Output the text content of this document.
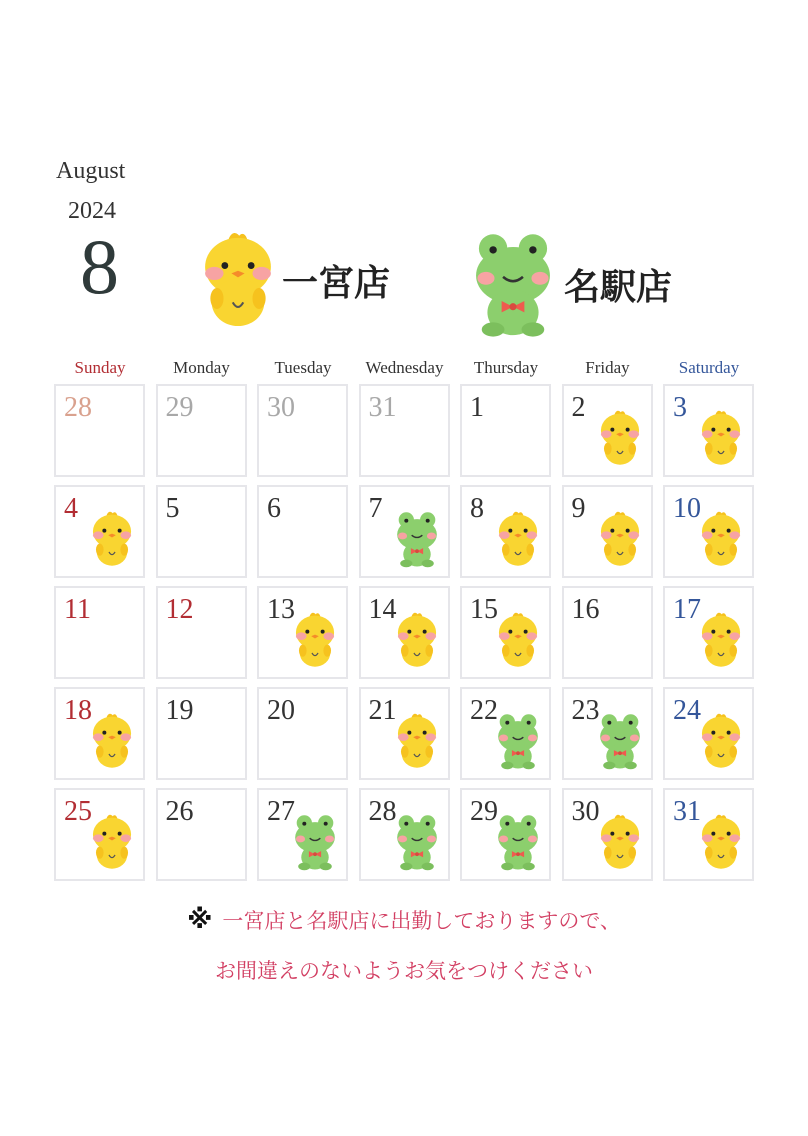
August
2024
8	一宮店	名駅店
Sunday	Monday	Tuesday	Wednesday	Thursday	Friday	Saturday
28	29	30	31	1	2	3
4	5	6	7	8	9	10
11	12	13	14	15	16	17
18	19	20	21	22	23	24
25	26	27	28	29	30	31
※ 一宮店と名駅店に出勤しておりますので、
お間違えのないようお気をつけください
